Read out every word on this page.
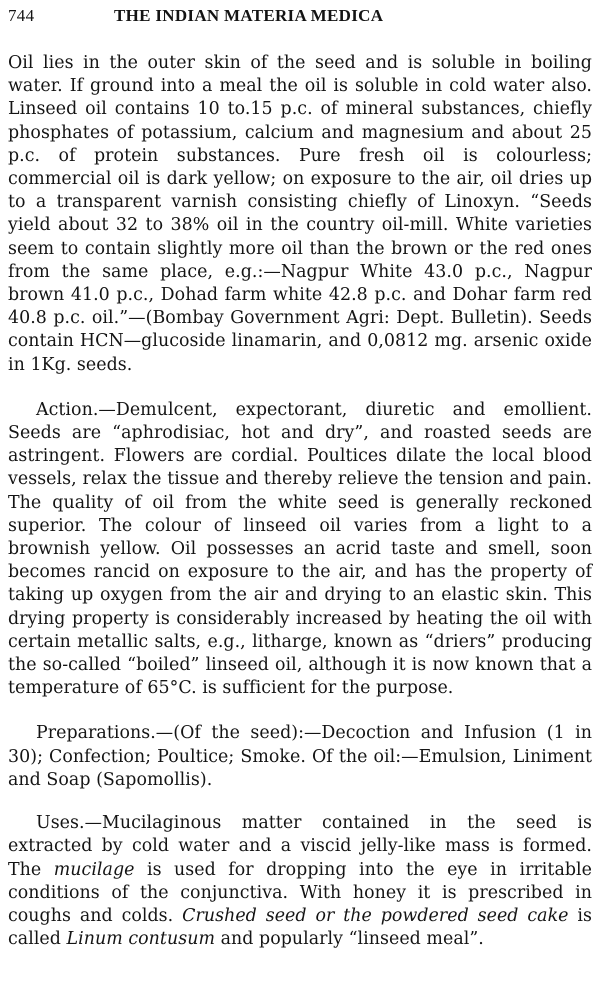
744	THE INDIAN MATERIA MEDICA

Oil lies in the outer skin of the seed and is soluble in boiling water. If ground into a meal the oil is soluble in cold water also. Linseed oil contains 10 to.15 p.c. of mineral substances, chiefly phosphates of potassium, calcium and magnesium and about 25 p.c. of protein substances. Pure fresh oil is colourless; commercial oil is dark yellow; on exposure to the air, oil dries up to a transparent varnish consisting chiefly of Linoxyn. “Seeds yield about 32 to 38% oil in the country oil-mill. White varieties seem to contain slightly more oil than the brown or the red ones from the same place, e.g.:—Nagpur White 43.0 p.c., Nagpur brown 41.0 p.c., Dohad farm white 42.8 p.c. and Dohar farm red 40.8 p.c. oil.”—(Bombay Government Agri: Dept. Bulletin). Seeds contain HCN—glucoside linamarin, and 0,0812 mg. arsenic oxide in 1Kg. seeds.

Action.—Demulcent, expectorant, diuretic and emollient. Seeds are “aphrodisiac, hot and dry”, and roasted seeds are astringent. Flowers are cordial. Poultices dilate the local blood vessels, relax the tissue and thereby relieve the tension and pain. The quality of oil from the white seed is generally reckoned superior. The colour of linseed oil varies from a light to a brownish yellow. Oil possesses an acrid taste and smell, soon becomes rancid on exposure to the air, and has the property of taking up oxygen from the air and drying to an elastic skin. This drying property is considerably increased by heating the oil with certain metallic salts, e.g., litharge, known as “driers” producing the so-called “boiled” linseed oil, although it is now known that a temperature of 65°C. is sufficient for the purpose.

Preparations.—(Of the seed):—Decoction and Infusion (1 in 30); Confection; Poultice; Smoke. Of the oil:—Emulsion, Liniment and Soap (Sapomollis).

Uses.—Mucilaginous matter contained in the seed is extracted by cold water and a viscid jelly-like mass is formed. The mucilage is used for dropping into the eye in irritable conditions of the conjunctiva. With honey it is prescribed in coughs and colds. Crushed seed or the powdered seed cake is called Linum contusum and popularly “linseed meal”.
